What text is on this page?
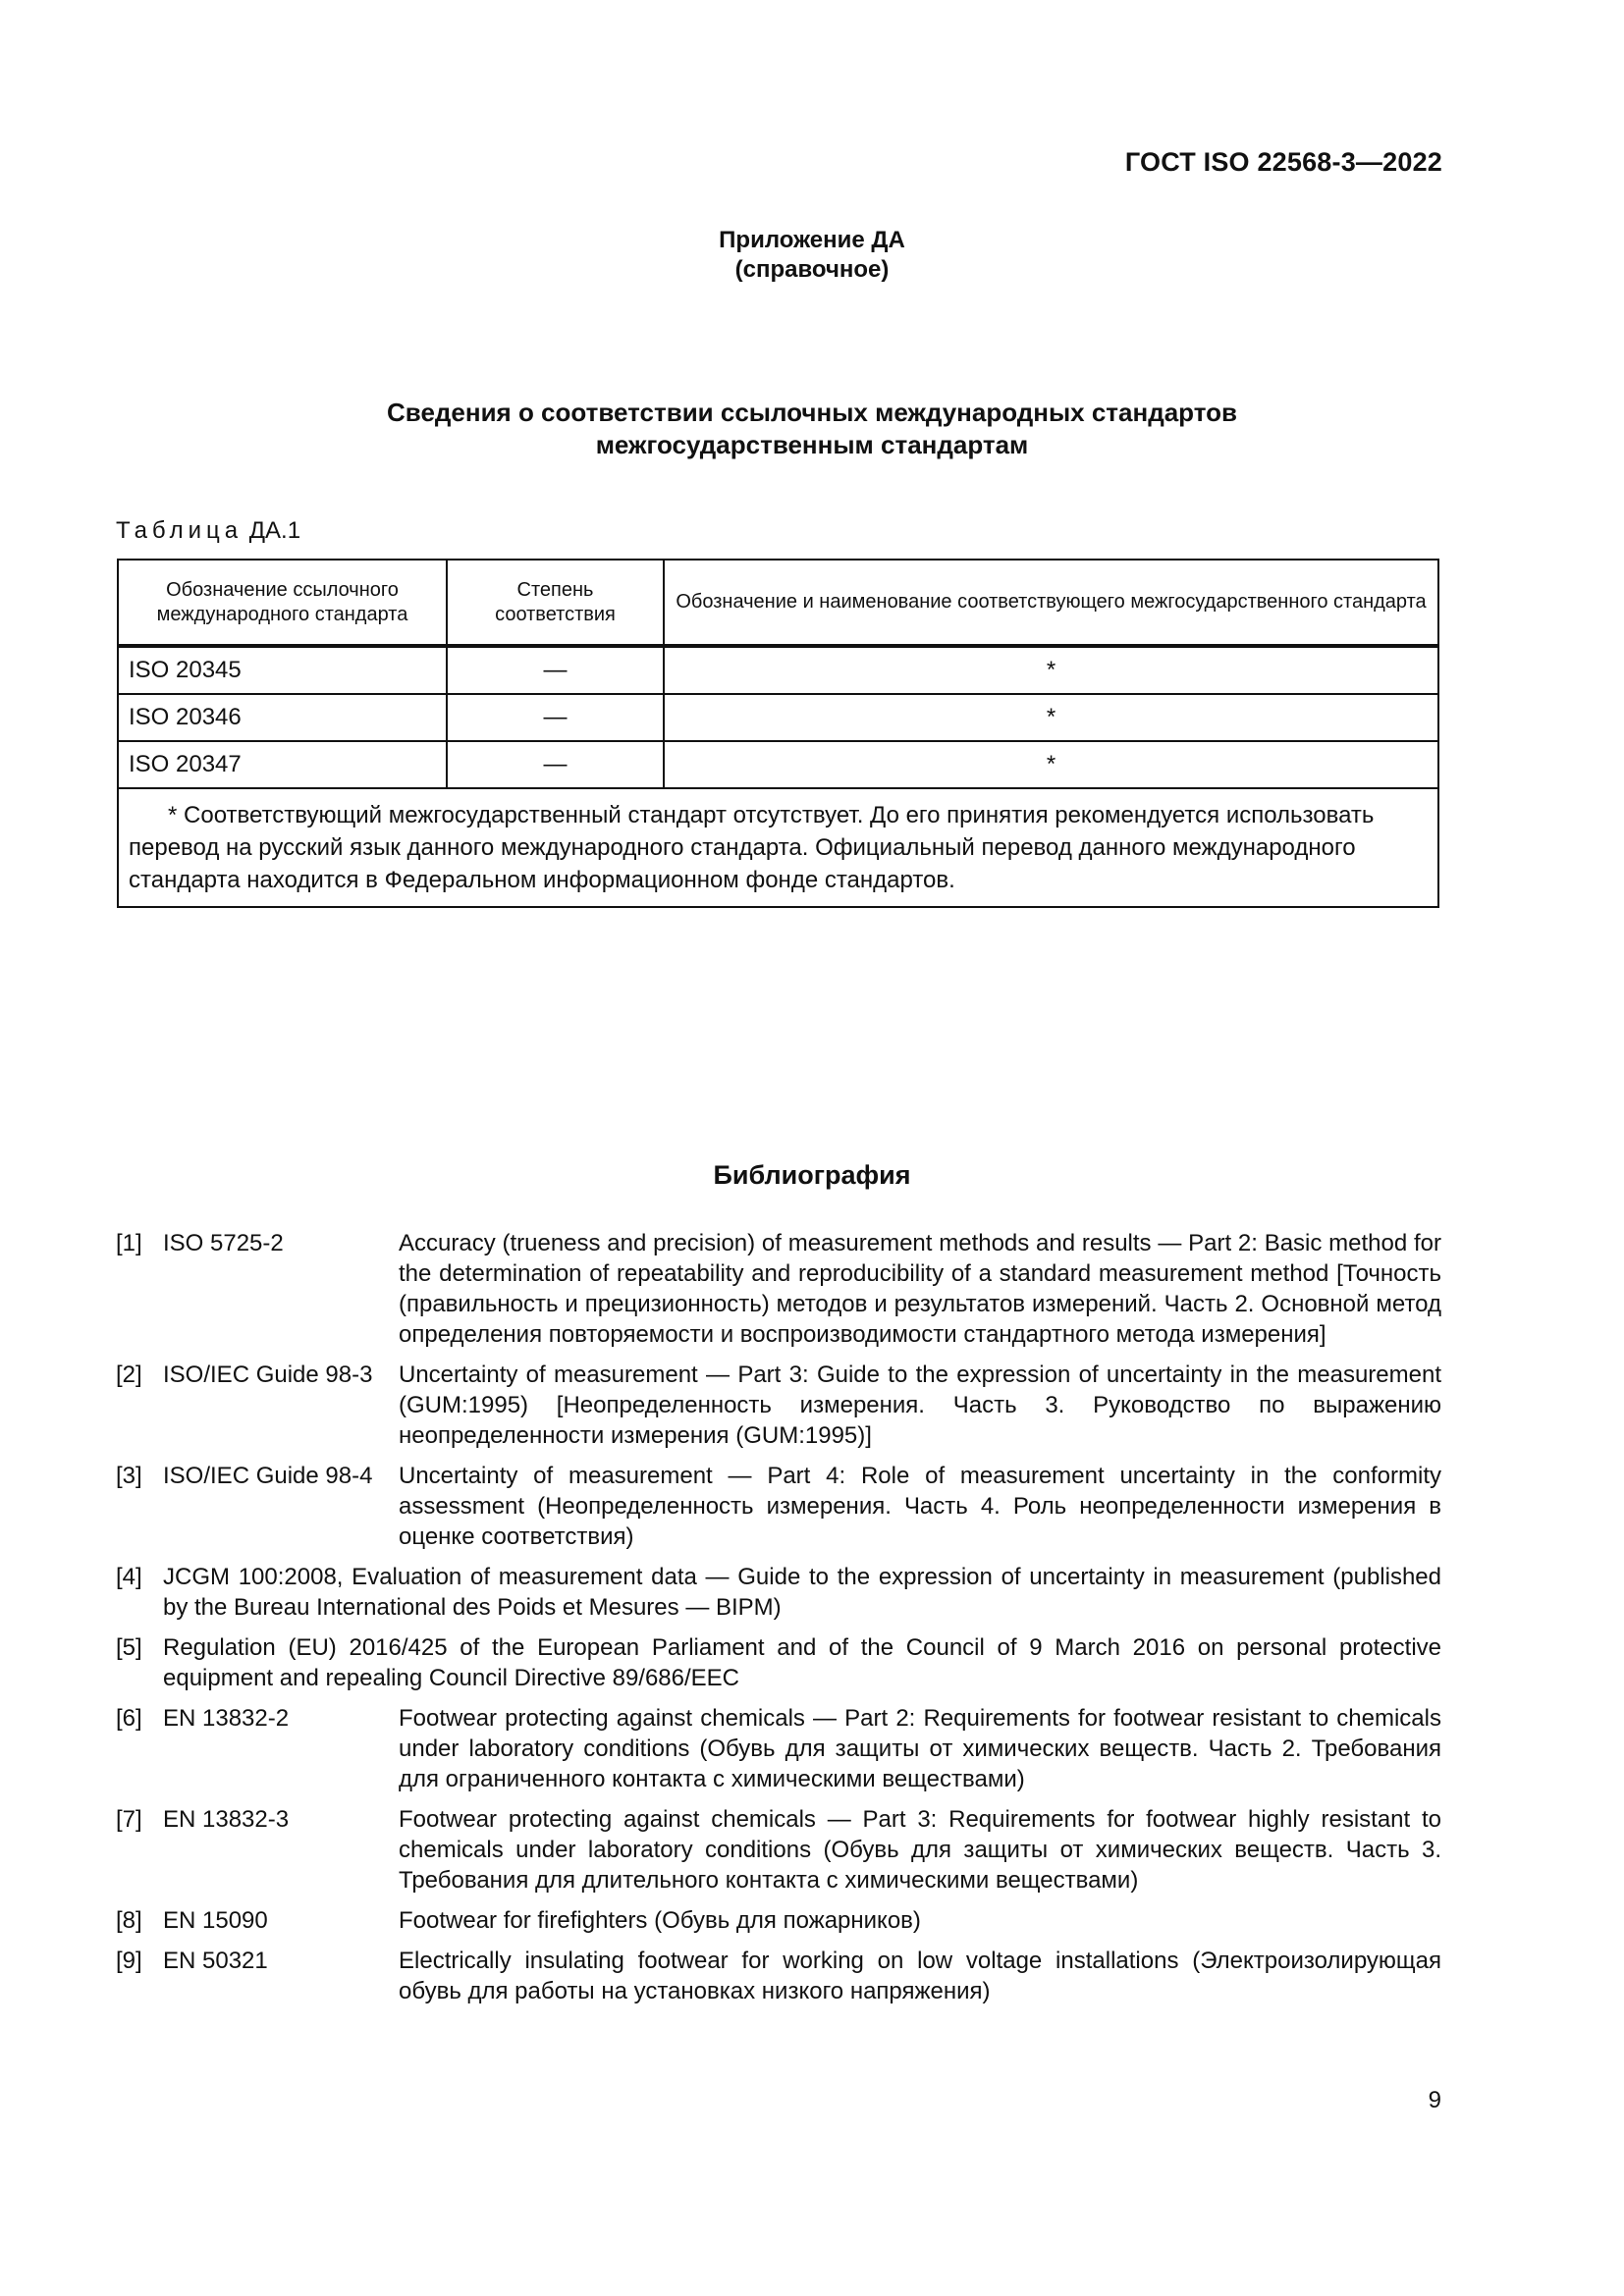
ГОСТ ISO 22568-3—2022
Приложение ДА
(справочное)
Сведения о соответствии ссылочных международных стандартов
межгосударственным стандартам
Таблица ДА.1
Обозначение ссылочного международного стандарта	Степень соответствия	Обозначение и наименование соответствующего межгосударственного стандарта
ISO 20345	—	*
ISO 20346	—	*
ISO 20347	—	*
* Соответствующий межгосударственный стандарт отсутствует. До его принятия рекомендуется использовать перевод на русский язык данного международного стандарта. Официальный перевод данного международного стандарта находится в Федеральном информационном фонде стандартов.		
Библиография
[1] ISO 5725-2	Accuracy (trueness and precision) of measurement methods and results — Part 2: Basic method for the determination of repeatability and reproducibility of a standard measurement method [Точность (правильность и прецизионность) методов и результатов измерений. Часть 2. Основной метод определения повторяемости и воспроизводимости стандартного метода измерения]
[2] ISO/IEC Guide 98-3 Uncertainty of measurement — Part 3: Guide to the expression of uncertainty in the measurement (GUM:1995) [Неопределенность измерения. Часть 3. Руководство по выражению неопределенности измерения (GUM:1995)]
[3] ISO/IEC Guide 98-4 Uncertainty of measurement — Part 4: Role of measurement uncertainty in the conformity assessment (Неопределенность измерения. Часть 4. Роль неопределенности измерения в оценке соответствия)
[4] JCGM 100:2008, Evaluation of measurement data — Guide to the expression of uncertainty in measurement (published by the Bureau International des Poids et Mesures — BIPM)
[5] Regulation (EU) 2016/425 of the European Parliament and of the Council of 9 March 2016 on personal protective equipment and repealing Council Directive 89/686/EEC
[6] EN 13832-2	Footwear protecting against chemicals — Part 2: Requirements for footwear resistant to chemicals under laboratory conditions (Обувь для защиты от химических веществ. Часть 2. Требования для ограниченного контакта с химическими веществами)
[7] EN 13832-3	Footwear protecting against chemicals — Part 3: Requirements for footwear highly resistant to chemicals under laboratory conditions (Обувь для защиты от химических веществ. Часть 3. Требования для длительного контакта с химическими веществами)
[8] EN 15090	Footwear for firefighters (Обувь для пожарников)
[9] EN 50321	Electrically insulating footwear for working on low voltage installations (Электроизолирующая обувь для работы на установках низкого напряжения)
9
